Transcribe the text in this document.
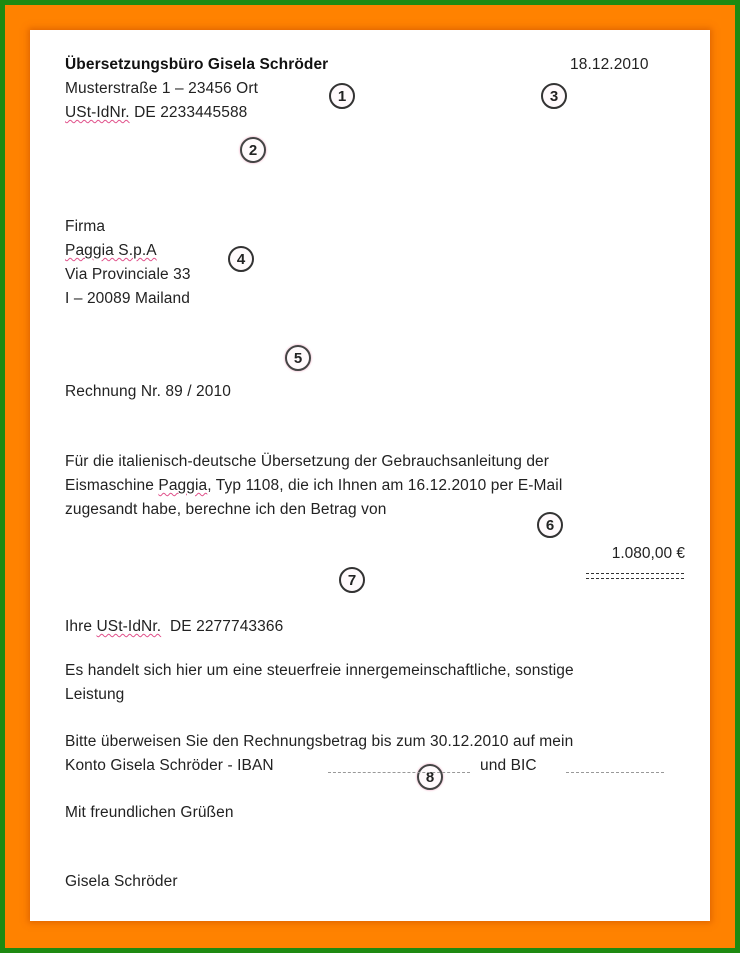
Übersetzungsbüro Gisela Schröder
Musterstraße 1 – 23456 Ort
USt-IdNr. DE 2233445588
18.12.2010
1
2
3
4
5
6
7
8
Firma
Paggia S.p.A
Via Provinciale 33
I – 20089 Mailand
Rechnung Nr. 89 / 2010
Für die italienisch-deutsche Übersetzung der Gebrauchsanleitung der
Eismaschine Paggia, Typ 1108, die ich Ihnen am 16.12.2010 per E-Mail
zugesandt habe, berechne ich den Betrag von
1.080,00 €
Ihre USt-IdNr.  DE 2277743366
Es handelt sich hier um eine steuerfreie innergemeinschaftliche, sonstige
Leistung
Bitte überweisen Sie den Rechnungsbetrag bis zum 30.12.2010 auf mein
Konto Gisela Schröder - IBAN	und BIC
Mit freundlichen Grüßen
Gisela Schröder
